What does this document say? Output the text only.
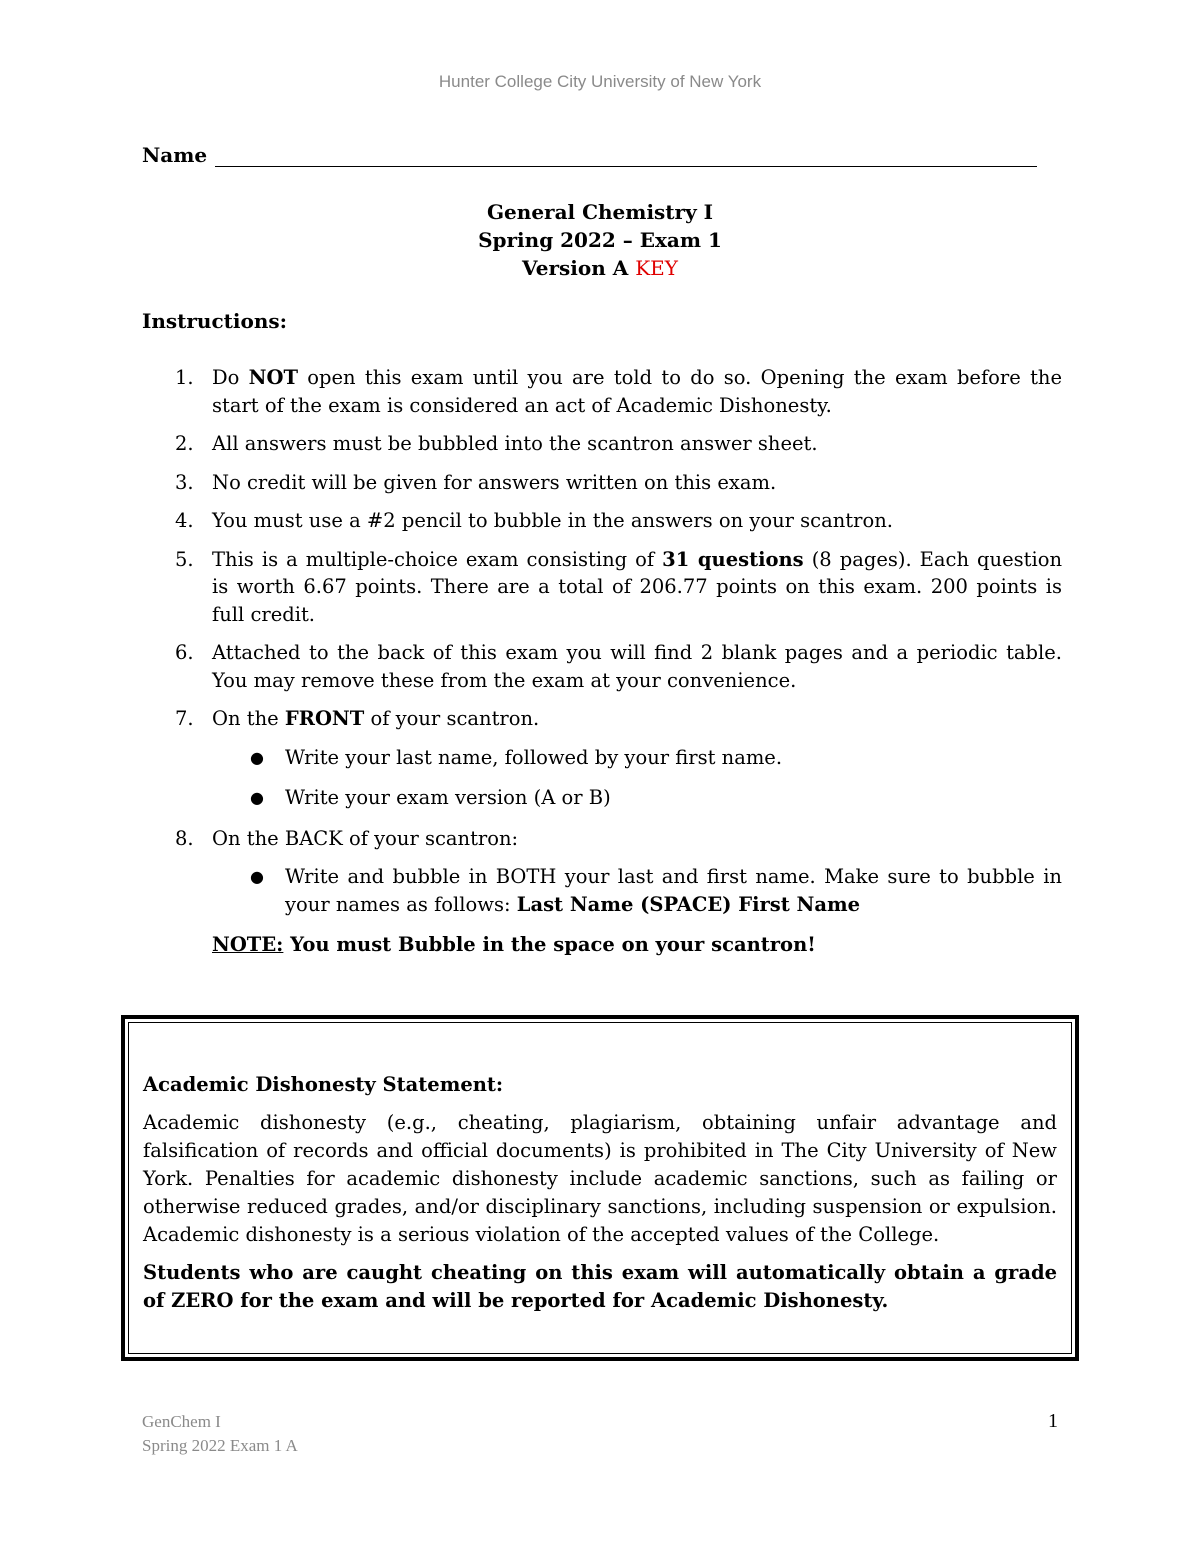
Hunter College City University of New York
Name
General Chemistry I
Spring 2022 – Exam 1
Version A KEY
Instructions:
1. Do NOT open this exam until you are told to do so. Opening the exam before the start of the exam is considered an act of Academic Dishonesty.
2. All answers must be bubbled into the scantron answer sheet.
3. No credit will be given for answers written on this exam.
4. You must use a #2 pencil to bubble in the answers on your scantron.
5. This is a multiple-choice exam consisting of 31 questions (8 pages). Each question is worth 6.67 points. There are a total of 206.77 points on this exam. 200 points is full credit.
6. Attached to the back of this exam you will find 2 blank pages and a periodic table. You may remove these from the exam at your convenience.
7. On the FRONT of your scantron.
●	Write your last name, followed by your first name.
●	Write your exam version (A or B)
8. On the BACK of your scantron:
●	Write and bubble in BOTH your last and first name. Make sure to bubble in your names as follows: Last Name (SPACE) First Name
NOTE: You must Bubble in the space on your scantron!
Academic Dishonesty Statement:
Academic dishonesty (e.g., cheating, plagiarism, obtaining unfair advantage and falsification of records and official documents) is prohibited in The City University of New York. Penalties for academic dishonesty include academic sanctions, such as failing or otherwise reduced grades, and/or disciplinary sanctions, including suspension or expulsion. Academic dishonesty is a serious violation of the accepted values of the College.
Students who are caught cheating on this exam will automatically obtain a grade of ZERO for the exam and will be reported for Academic Dishonesty.
GenChem I
Spring 2022 Exam 1 A
1
